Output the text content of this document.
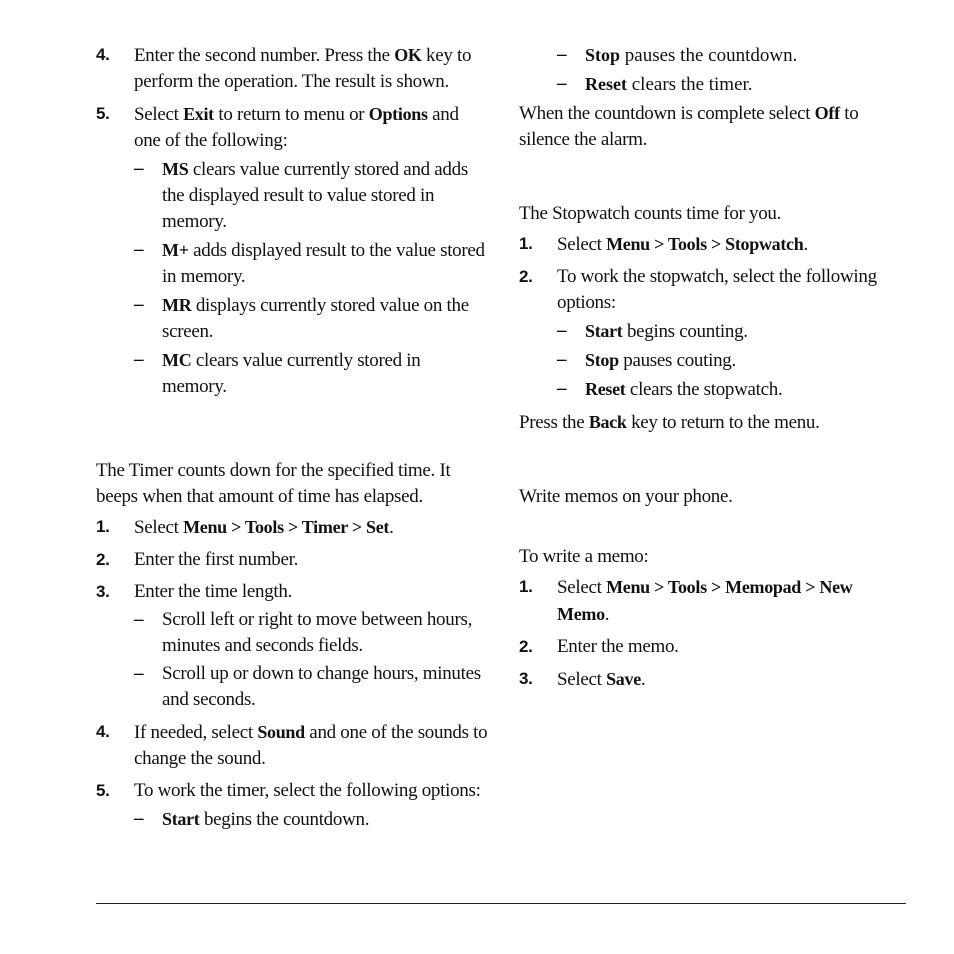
4. Enter the second number. Press the OK key to perform the operation. The result is shown.
5. Select Exit to return to menu or Options and one of the following:
– MS clears value currently stored and adds the displayed result to value stored in memory.
– M+ adds displayed result to the value stored in memory.
– MR displays currently stored value on the screen.
– MC clears value currently stored in memory.

The Timer counts down for the specified time. It beeps when that amount of time has elapsed.

1. Select Menu > Tools > Timer > Set.
2. Enter the first number.
3. Enter the time length.
– Scroll left or right to move between hours, minutes and seconds fields.
– Scroll up or down to change hours, minutes and seconds.
4. If needed, select Sound and one of the sounds to change the sound.
5. To work the timer, select the following options:
– Start begins the countdown.
– Stop pauses the countdown.
– Reset clears the timer.

When the countdown is complete select Off to silence the alarm.

The Stopwatch counts time for you.

1. Select Menu > Tools > Stopwatch.
2. To work the stopwatch, select the following options:
– Start begins counting.
– Stop pauses couting.
– Reset clears the stopwatch.

Press the Back key to return to the menu.

Write memos on your phone.

To write a memo:

1. Select Menu > Tools > Memopad > New Memo.
2. Enter the memo.
3. Select Save.
